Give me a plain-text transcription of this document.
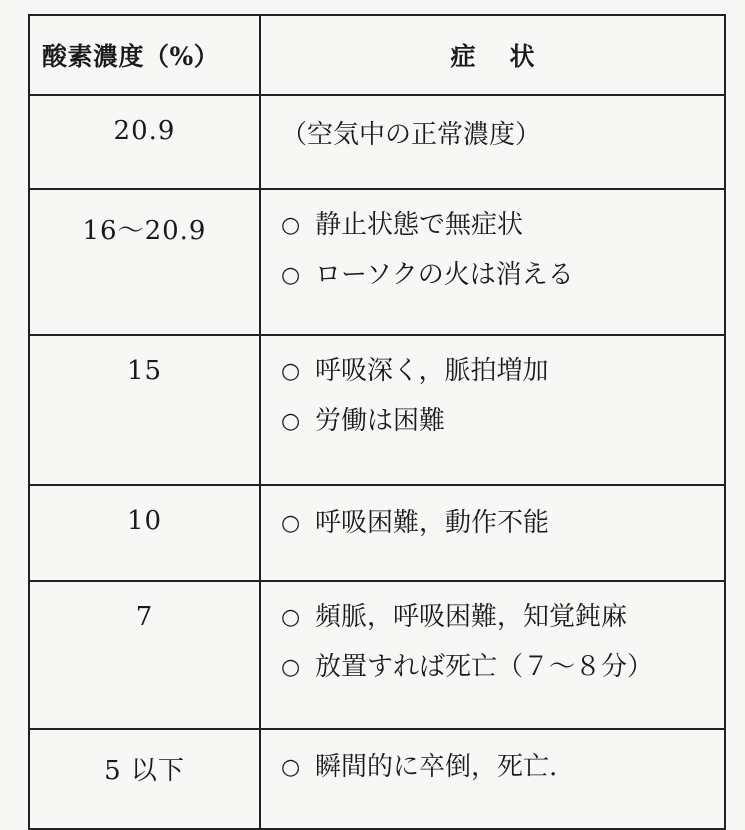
酸素濃度（%）	症状
20.9	（空気中の正常濃度）

16～20.9	○ 静止状態で無症状
○ ローソクの火は消える

15	○ 呼吸深く，脈拍増加
○ 労働は困難

10	○ 呼吸困難，動作不能

7	○ 頻脈，呼吸困難，知覚鈍麻
○ 放置すれば死亡（７～８分）

5 以下	○ 瞬間的に卒倒，死亡.
